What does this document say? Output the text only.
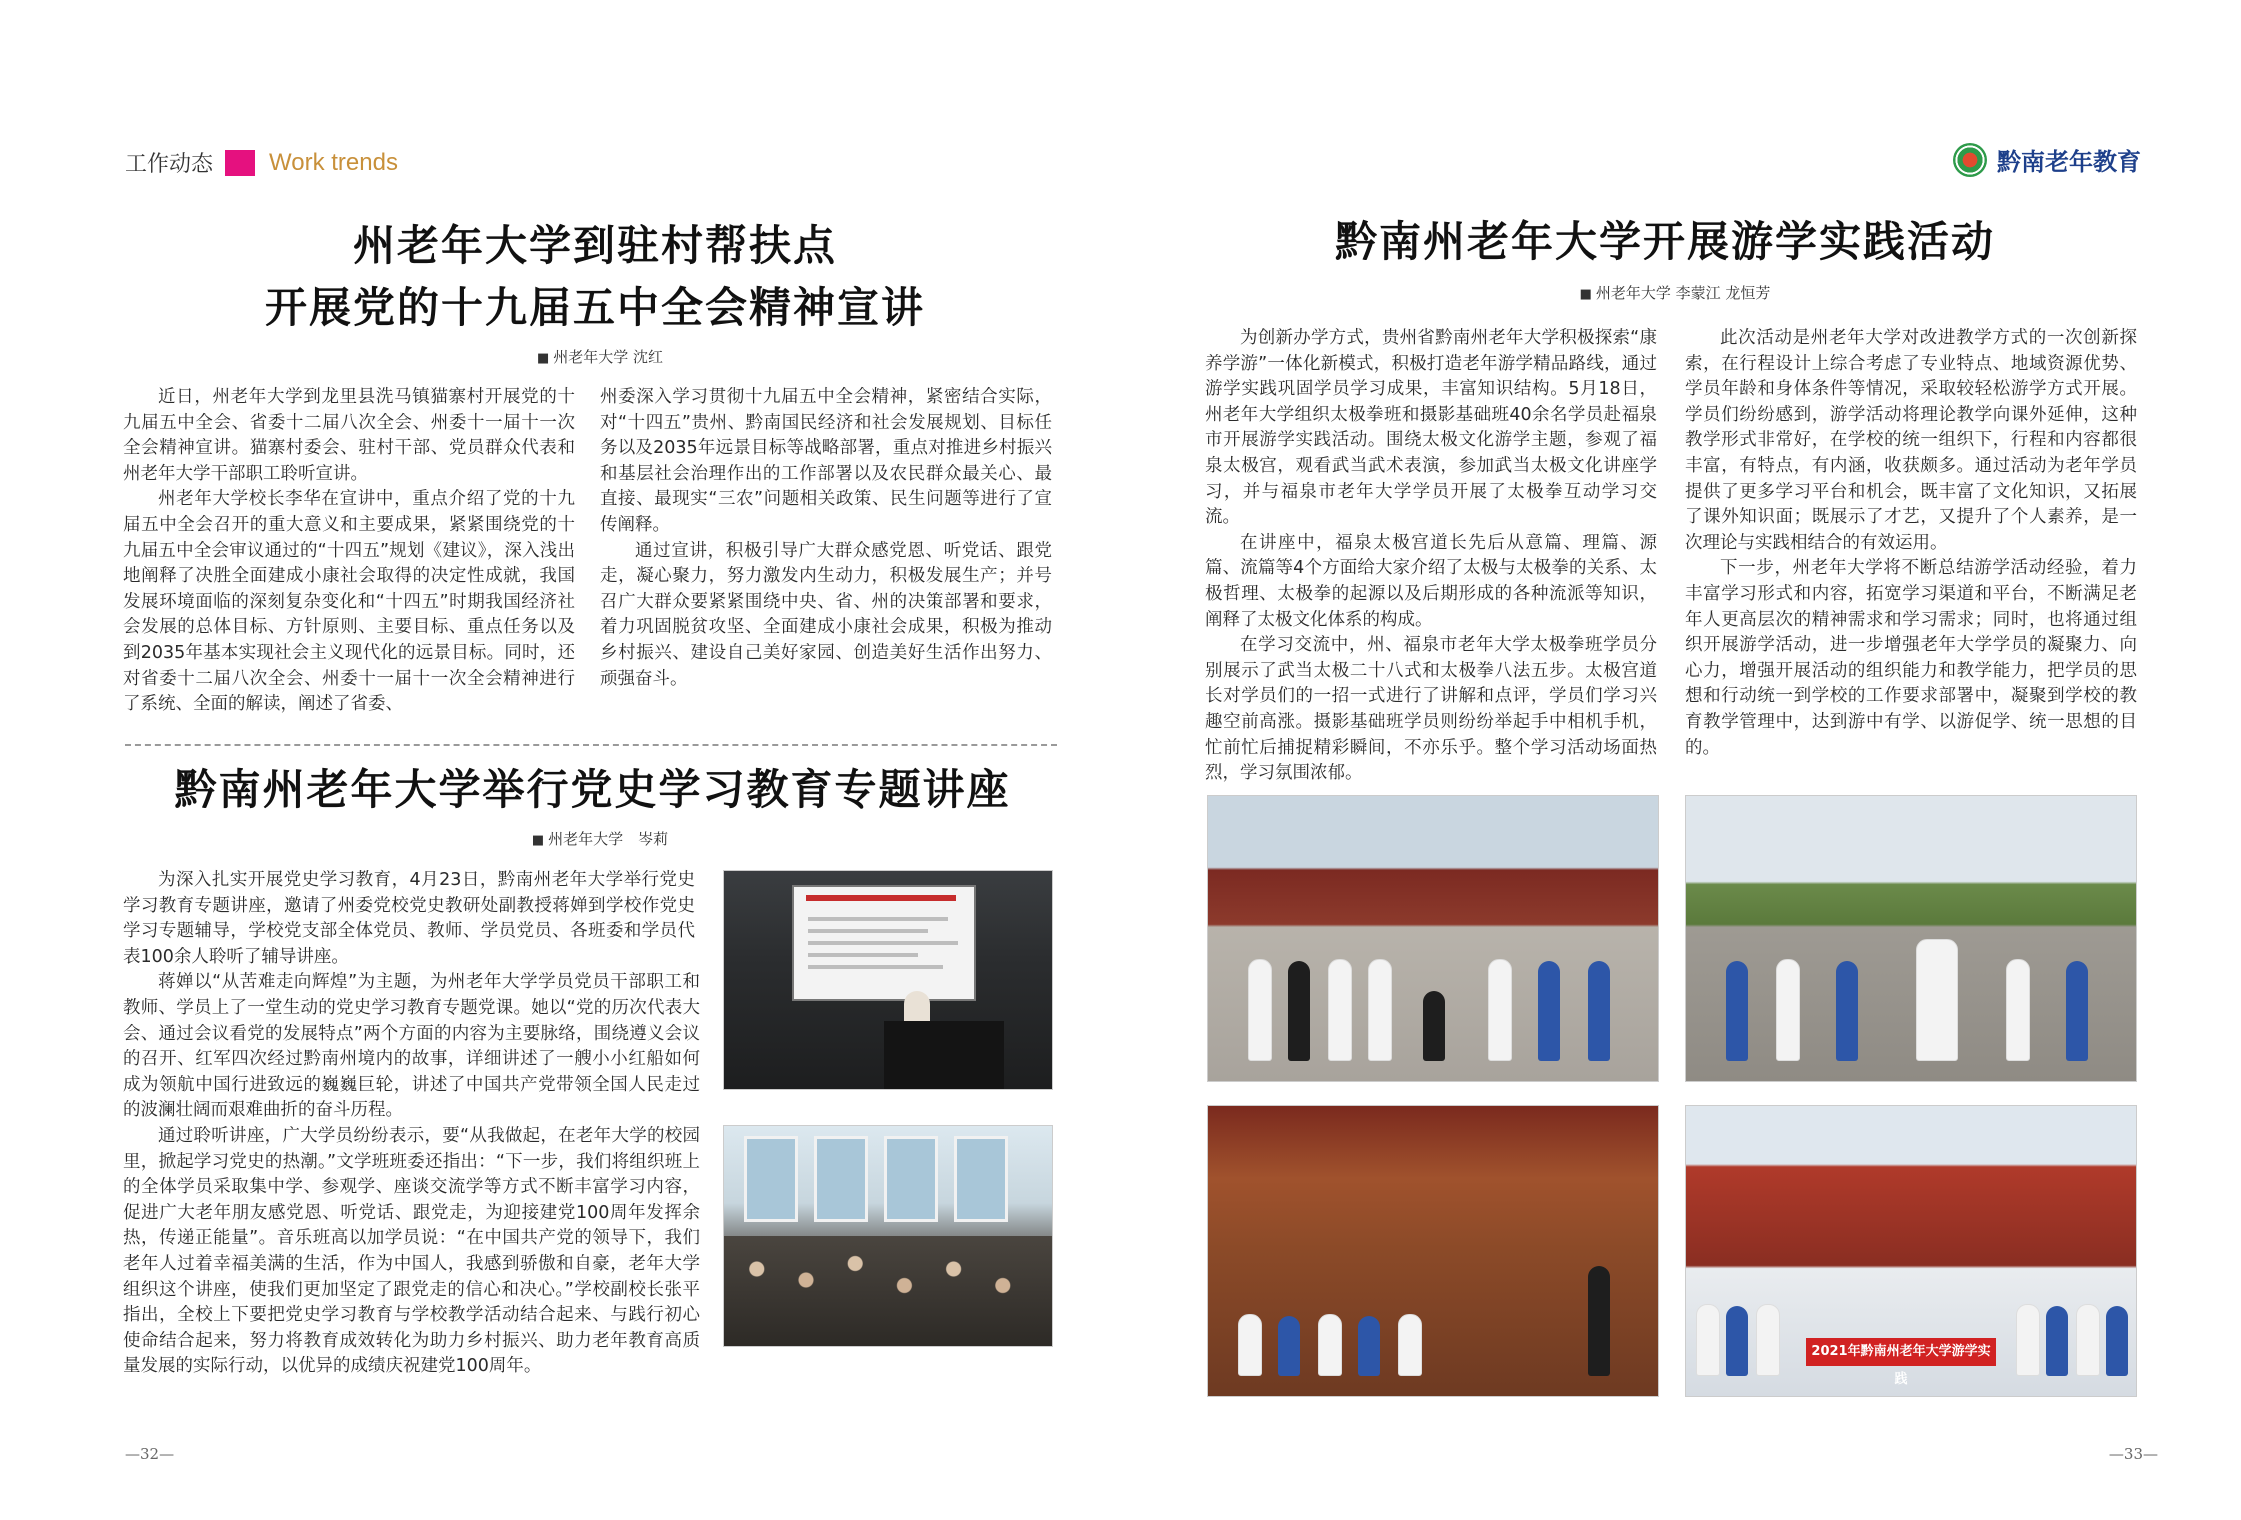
工作动态 Work trends	黔南老年教育
州老年大学到驻村帮扶点
开展党的十九届五中全会精神宣讲
■ 州老年大学 沈红

近日，州老年大学到龙里县洗马镇猫寨村开展党的十九届五中全会、省委十二届八次全会、州委十一届十一次全会精神宣讲。猫寨村委会、驻村干部、党员群众代表和州老年大学干部职工聆听宣讲。

州老年大学校长李华在宣讲中，重点介绍了党的十九届五中全会召开的重大意义和主要成果，紧紧围绕党的十九届五中全会审议通过的“十四五”规划《建议》，深入浅出地阐释了决胜全面建成小康社会取得的决定性成就，我国发展环境面临的深刻复杂变化和“十四五”时期我国经济社会发展的总体目标、方针原则、主要目标、重点任务以及到2035年基本实现社会主义现代化的远景目标。同时，还对省委十二届八次全会、州委十一届十一次全会精神进行了系统、全面的解读，阐述了省委、

州委深入学习贯彻十九届五中全会精神，紧密结合实际，对“十四五”贵州、黔南国民经济和社会发展规划、目标任务以及2035年远景目标等战略部署，重点对推进乡村振兴和基层社会治理作出的工作部署以及农民群众最关心、最直接、最现实“三农”问题相关政策、民生问题等进行了宣传阐释。

通过宣讲，积极引导广大群众感党恩、听党话、跟党走，凝心聚力，努力激发内生动力，积极发展生产；并号召广大群众要紧紧围绕中央、省、州的决策部署和要求，着力巩固脱贫攻坚、全面建成小康社会成果，积极为推动乡村振兴、建设自己美好家园、创造美好生活作出努力、顽强奋斗。

黔南州老年大学举行党史学习教育专题讲座
■ 州老年大学　岑莉

为深入扎实开展党史学习教育，4月23日，黔南州老年大学举行党史学习教育专题讲座，邀请了州委党校党史教研处副教授蒋婵到学校作党史学习专题辅导，学校党支部全体党员、教师、学员党员、各班委和学员代表100余人聆听了辅导讲座。

蒋婵以“从苦难走向辉煌”为主题，为州老年大学学员党员干部职工和教师、学员上了一堂生动的党史学习教育专题党课。她以“党的历次代表大会、通过会议看党的发展特点”两个方面的内容为主要脉络，围绕遵义会议的召开、红军四次经过黔南州境内的故事，详细讲述了一艘小小红船如何成为领航中国行进致远的巍巍巨轮，讲述了中国共产党带领全国人民走过的波澜壮阔而艰难曲折的奋斗历程。

通过聆听讲座，广大学员纷纷表示，要“从我做起，在老年大学的校园里，掀起学习党史的热潮。”文学班班委还指出：“下一步，我们将组织班上的全体学员采取集中学、参观学、座谈交流学等方式不断丰富学习内容，促进广大老年朋友感党恩、听党话、跟党走，为迎接建党100周年发挥余热，传递正能量”。音乐班高以加学员说：“在中国共产党的领导下，我们老年人过着幸福美满的生活，作为中国人，我感到骄傲和自豪，老年大学组织这个讲座，使我们更加坚定了跟党走的信心和决心。”学校副校长张平指出，全校上下要把党史学习教育与学校教学活动结合起来、与践行初心使命结合起来，努力将教育成效转化为助力乡村振兴、助力老年教育高质量发展的实际行动，以优异的成绩庆祝建党100周年。

黔南州老年大学开展游学实践活动
■ 州老年大学 李蒙江 龙恒芳

为创新办学方式，贵州省黔南州老年大学积极探索“康养学游”一体化新模式，积极打造老年游学精品路线，通过游学实践巩固学员学习成果，丰富知识结构。5月18日，州老年大学组织太极拳班和摄影基础班40余名学员赴福泉市开展游学实践活动。围绕太极文化游学主题，参观了福泉太极宫，观看武当武术表演，参加武当太极文化讲座学习，并与福泉市老年大学学员开展了太极拳互动学习交流。

在讲座中，福泉太极宫道长先后从意篇、理篇、源篇、流篇等4个方面给大家介绍了太极与太极拳的关系、太极哲理、太极拳的起源以及后期形成的各种流派等知识，阐释了太极文化体系的构成。

在学习交流中，州、福泉市老年大学太极拳班学员分别展示了武当太极二十八式和太极拳八法五步。太极宫道长对学员们的一招一式进行了讲解和点评，学员们学习兴趣空前高涨。摄影基础班学员则纷纷举起手中相机手机，忙前忙后捕捉精彩瞬间，不亦乐乎。整个学习活动场面热烈，学习氛围浓郁。

此次活动是州老年大学对改进教学方式的一次创新探索，在行程设计上综合考虑了专业特点、地域资源优势、学员年龄和身体条件等情况，采取较轻松游学方式开展。学员们纷纷感到，游学活动将理论教学向课外延伸，这种教学形式非常好，在学校的统一组织下，行程和内容都很丰富，有特点，有内涵，收获颇多。通过活动为老年学员提供了更多学习平台和机会，既丰富了文化知识，又拓展了课外知识面；既展示了才艺，又提升了个人素养，是一次理论与实践相结合的有效运用。

下一步，州老年大学将不断总结游学活动经验，着力丰富学习形式和内容，拓宽学习渠道和平台，不断满足老年人更高层次的精神需求和学习需求；同时，也将通过组织开展游学活动，进一步增强老年大学学员的凝聚力、向心力，增强开展活动的组织能力和教学能力，把学员的思想和行动统一到学校的工作要求部署中，凝聚到学校的教育教学管理中，达到游中有学、以游促学、统一思想的目的。

2021年黔南州老年大学游学实践
—32—	—33—
